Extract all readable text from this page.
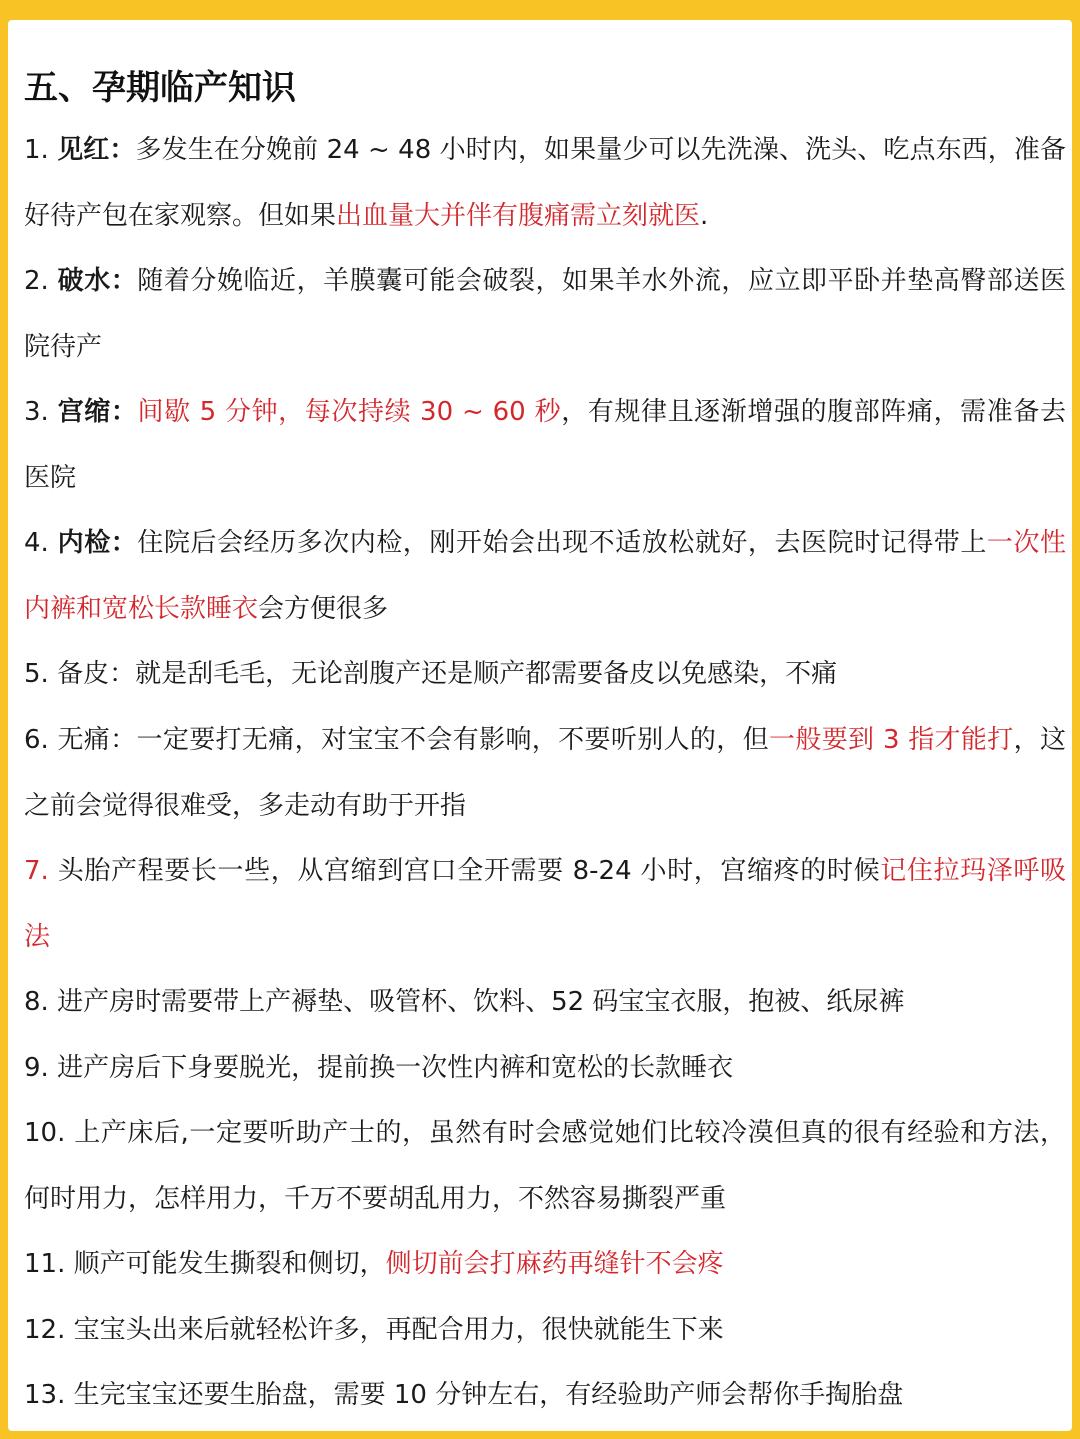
五、孕期临产知识

1. 见红：多发生在分娩前 24 ~ 48 小时内，如果量少可以先洗澡、洗头、吃点东西，准备好待产包在家观察。但如果出血量大并伴有腹痛需立刻就医.

2. 破水：随着分娩临近，羊膜囊可能会破裂，如果羊水外流，应立即平卧并垫高臀部送医院待产

3. 宫缩：间歇 5 分钟，每次持续 30 ~ 60 秒，有规律且逐渐增强的腹部阵痛，需准备去医院

4. 内检：住院后会经历多次内检，刚开始会出现不适放松就好，去医院时记得带上一次性内裤和宽松长款睡衣会方便很多

5. 备皮：就是刮毛毛，无论剖腹产还是顺产都需要备皮以免感染，不痛

6. 无痛：一定要打无痛，对宝宝不会有影响，不要听别人的，但一般要到 3 指才能打，这之前会觉得很难受，多走动有助于开指

7. 头胎产程要长一些，从宫缩到宫口全开需要 8-24 小时，宫缩疼的时候记住拉玛泽呼吸法

8. 进产房时需要带上产褥垫、吸管杯、饮料、52 码宝宝衣服，抱被、纸尿裤

9. 进产房后下身要脱光，提前换一次性内裤和宽松的长款睡衣

10. 上产床后,一定要听助产士的，虽然有时会感觉她们比较冷漠但真的很有经验和方法，何时用力，怎样用力，千万不要胡乱用力，不然容易撕裂严重

11. 顺产可能发生撕裂和侧切，侧切前会打麻药再缝针不会疼

12. 宝宝头出来后就轻松许多，再配合用力，很快就能生下来

13. 生完宝宝还要生胎盘，需要 10 分钟左右，有经验助产师会帮你手掏胎盘
